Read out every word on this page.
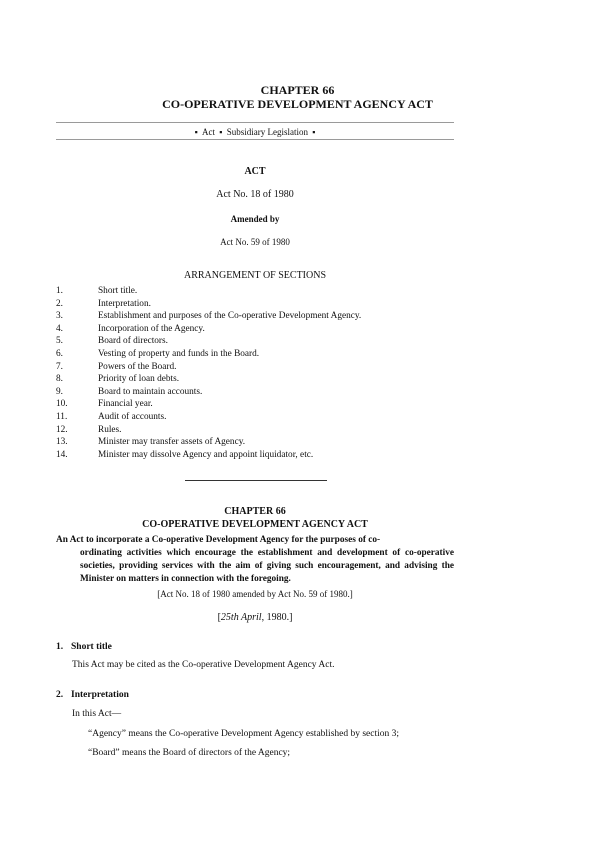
CHAPTER 66
CO-OPERATIVE DEVELOPMENT AGENCY ACT
▪ Act ▪ Subsidiary Legislation ▪
ACT
Act No. 18 of 1980
Amended by
Act No. 59 of 1980
ARRANGEMENT OF SECTIONS
1.	Short title.
2.	Interpretation.
3.	Establishment and purposes of the Co-operative Development Agency.
4.	Incorporation of the Agency.
5.	Board of directors.
6.	Vesting of property and funds in the Board.
7.	Powers of the Board.
8.	Priority of loan debts.
9.	Board to maintain accounts.
10.	Financial year.
11.	Audit of accounts.
12.	Rules.
13.	Minister may transfer assets of Agency.
14.	Minister may dissolve Agency and appoint liquidator, etc.
CHAPTER 66
CO-OPERATIVE DEVELOPMENT AGENCY ACT
An Act to incorporate a Co-operative Development Agency for the purposes of co-
ordinating activities which encourage the establishment and development of co-operative societies, providing services with the aim of giving such encouragement, and advising the Minister on matters in connection with the foregoing.
[Act No. 18 of 1980 amended by Act No. 59 of 1980.]
[25th April, 1980.]
1. Short title
This Act may be cited as the Co-operative Development Agency Act.
2. Interpretation
In this Act—
“Agency” means the Co-operative Development Agency established by section 3;
“Board” means the Board of directors of the Agency;
